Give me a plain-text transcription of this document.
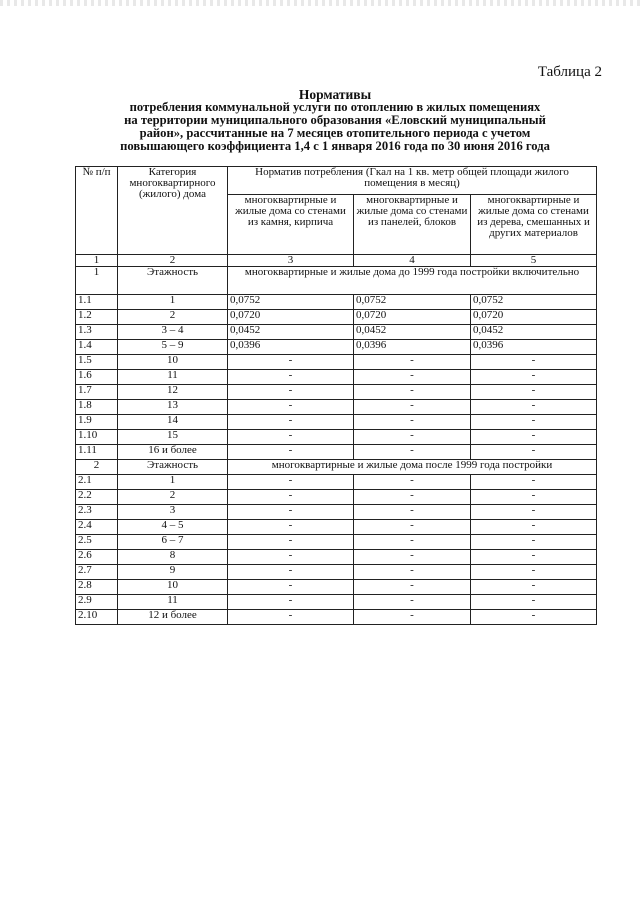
Таблица 2
Нормативы
потребления коммунальной услуги по отоплению в жилых помещениях
на территории муниципального образования «Еловский муниципальный
район», рассчитанные на 7 месяцев отопительного периода с учетом
повышающего коэффициента 1,4 с 1 января 2016 года по 30 июня 2016 года
№ п/п	Категория многоквартирного (жилого) дома	Норматив потребления (Гкал на 1 кв. метр общей площади жилого помещения в месяц)		
		многоквартирные и жилые дома со стенами из камня, кирпича	многоквартирные и жилые дома со стенами из панелей, блоков	многоквартирные и жилые дома со стенами из дерева, смешанных и других материалов
1	2	3	4	5
1	Этажность	многоквартирные и жилые дома до 1999 года постройки включительно		
1.1	1	0,0752	0,0752	0,0752
1.2	2	0,0720	0,0720	0,0720
1.3	3 – 4	0,0452	0,0452	0,0452
1.4	5 – 9	0,0396	0,0396	0,0396
1.5	10	-	-	-
1.6	11	-	-	-
1.7	12	-	-	-
1.8	13	-	-	-
1.9	14	-	-	-
1.10	15	-	-	-
1.11	16 и более	-	-	-
2	Этажность	многоквартирные и жилые дома после 1999 года постройки		
2.1	1	-	-	-
2.2	2	-	-	-
2.3	3	-	-	-
2.4	4 – 5	-	-	-
2.5	6 – 7	-	-	-
2.6	8	-	-	-
2.7	9	-	-	-
2.8	10	-	-	-
2.9	11	-	-	-
2.10	12 и более	-	-	-
